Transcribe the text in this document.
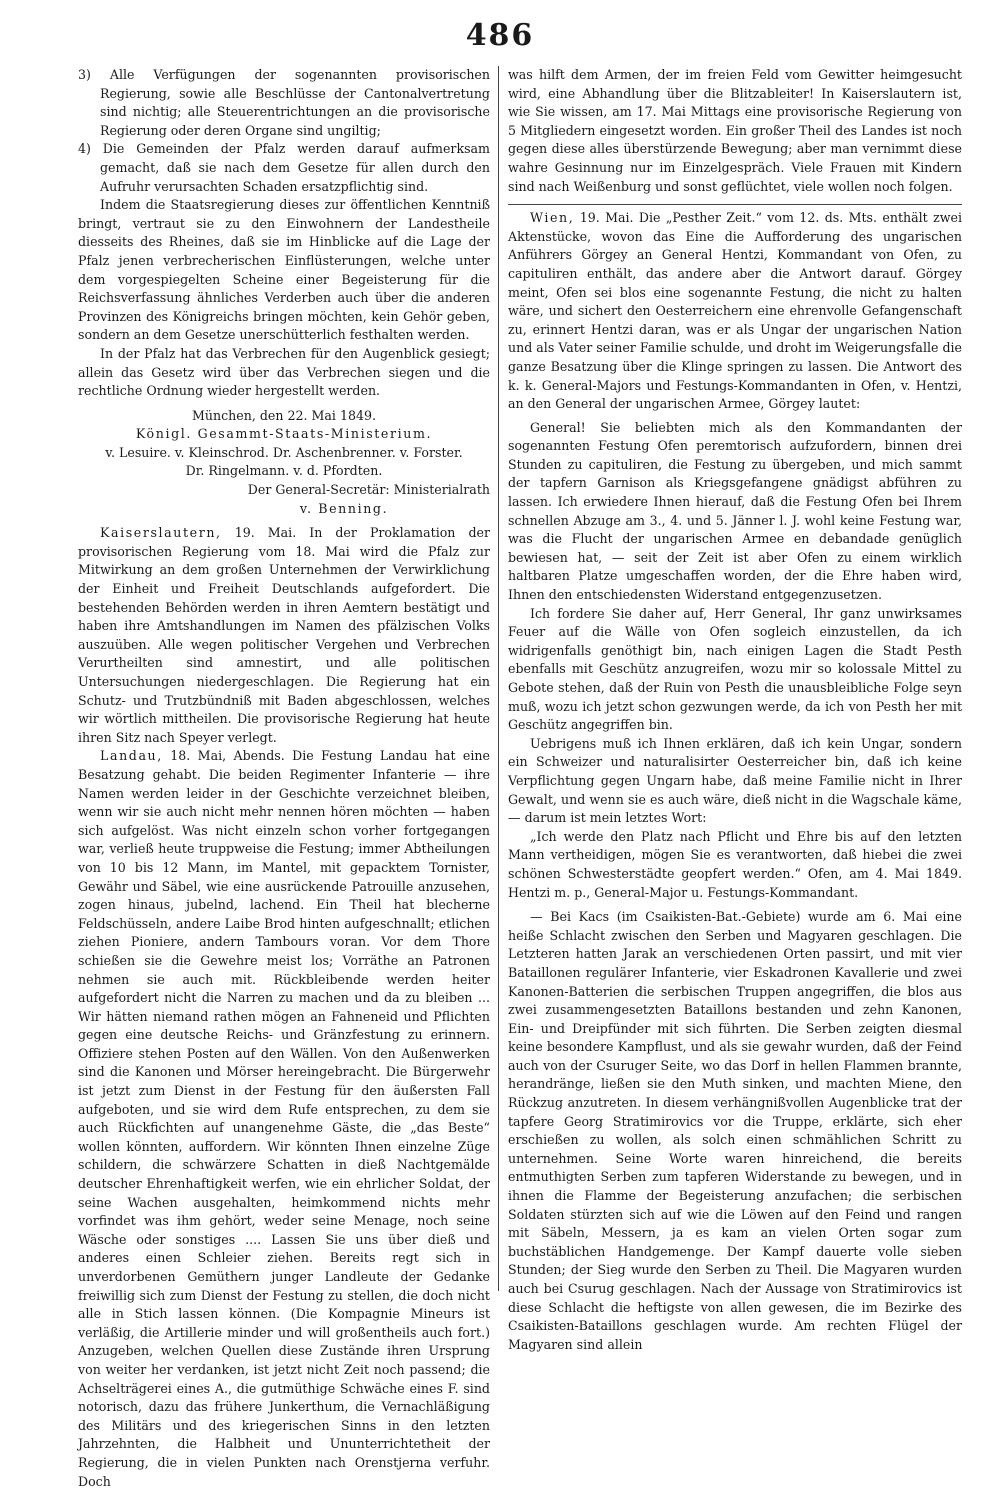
486

3) Alle Verfügungen der sogenannten provisorischen Regierung, sowie alle Beschlüsse der Cantonalvertretung sind nichtig; alle Steuerentrichtungen an die provisorische Regierung oder deren Organe sind ungiltig;

4) Die Gemeinden der Pfalz werden darauf aufmerksam gemacht, daß sie nach dem Gesetze für allen durch den Aufruhr verursachten Schaden ersatzpflichtig sind.

Indem die Staatsregierung dieses zur öffentlichen Kenntniß bringt, vertraut sie zu den Einwohnern der Landestheile diesseits des Rheines, daß sie im Hinblicke auf die Lage der Pfalz jenen verbrecherischen Einflüsterungen, welche unter dem vorgespiegelten Scheine einer Begeisterung für die Reichsverfassung ähnliches Verderben auch über die anderen Provinzen des Königreichs bringen möchten, kein Gehör geben, sondern an dem Gesetze unerschütterlich festhalten werden.

In der Pfalz hat das Verbrechen für den Augenblick gesiegt; allein das Gesetz wird über das Verbrechen siegen und die rechtliche Ordnung wieder hergestellt werden.

München, den 22. Mai 1849.

Königl. Gesammt-Staats-Ministerium.

v. Lesuire. v. Kleinschrod. Dr. Aschenbrenner. v. Forster.

Dr. Ringelmann. v. d. Pfordten.

Der General-Secretär: Ministerialrath

v. Benning.

Kaiserslautern, 19. Mai. In der Proklamation der provisorischen Regierung vom 18. Mai wird die Pfalz zur Mitwirkung an dem großen Unternehmen der Verwirklichung der Einheit und Freiheit Deutschlands aufgefordert. Die bestehenden Behörden werden in ihren Aemtern bestätigt und haben ihre Amtshandlungen im Namen des pfälzischen Volks auszuüben. Alle wegen politischer Vergehen und Verbrechen Verurtheilten sind amnestirt, und alle politischen Untersuchungen niedergeschlagen. Die Regierung hat ein Schutz- und Trutzbündniß mit Baden abgeschlossen, welches wir wörtlich mittheilen. Die provisorische Regierung hat heute ihren Sitz nach Speyer verlegt.

Landau, 18. Mai, Abends. Die Festung Landau hat eine Besatzung gehabt. Die beiden Regimenter Infanterie — ihre Namen werden leider in der Geschichte verzeichnet bleiben, wenn wir sie auch nicht mehr nennen hören möchten — haben sich aufgelöst. Was nicht einzeln schon vorher fortgegangen war, verließ heute truppweise die Festung; immer Abtheilungen von 10 bis 12 Mann, im Mantel, mit gepacktem Tornister, Gewähr und Säbel, wie eine ausrückende Patrouille anzusehen, zogen hinaus, jubelnd, lachend. Ein Theil hat blecherne Feldschüsseln, andere Laibe Brod hinten aufgeschnallt; etlichen ziehen Pioniere, andern Tambours voran. Vor dem Thore schießen sie die Gewehre meist los; Vorräthe an Patronen nehmen sie auch mit. Rückbleibende werden heiter aufgefordert nicht die Narren zu machen und da zu bleiben ... Wir hätten niemand rathen mögen an Fahneneid und Pflichten gegen eine deutsche Reichs- und Gränzfestung zu erinnern. Offiziere stehen Posten auf den Wällen. Von den Außenwerken sind die Kanonen und Mörser hereingebracht. Die Bürgerwehr ist jetzt zum Dienst in der Festung für den äußersten Fall aufgeboten, und sie wird dem Rufe entsprechen, zu dem sie auch Rückfichten auf unangenehme Gäste, die „das Beste“ wollen könnten, auffordern. Wir könnten Ihnen einzelne Züge schildern, die schwärzere Schatten in dieß Nachtgemälde deutscher Ehrenhaftigkeit werfen, wie ein ehrlicher Soldat, der seine Wachen ausgehalten, heimkommend nichts mehr vorfindet was ihm gehört, weder seine Menage, noch seine Wäsche oder sonstiges .... Lassen Sie uns über dieß und anderes einen Schleier ziehen. Bereits regt sich in unverdorbenen Gemüthern junger Landleute der Gedanke freiwillig sich zum Dienst der Festung zu stellen, die doch nicht alle in Stich lassen können. (Die Kompagnie Mineurs ist verläßig, die Artillerie minder und will großentheils auch fort.) Anzugeben, welchen Quellen diese Zustände ihren Ursprung von weiter her verdanken, ist jetzt nicht Zeit noch passend; die Achselträgerei eines A., die gutmüthige Schwäche eines F. sind notorisch, dazu das frühere Junkerthum, die Vernachläßigung des Militärs und des kriegerischen Sinns in den letzten Jahrzehnten, die Halbheit und Ununterrichtetheit der Regierung, die in vielen Punkten nach Orenstjerna verfuhr. Doch

was hilft dem Armen, der im freien Feld vom Gewitter heimgesucht wird, eine Abhandlung über die Blitzableiter! In Kaiserslautern ist, wie Sie wissen, am 17. Mai Mittags eine provisorische Regierung von 5 Mitgliedern eingesetzt worden. Ein großer Theil des Landes ist noch gegen diese alles überstürzende Bewegung; aber man vernimmt diese wahre Gesinnung nur im Einzelgespräch. Viele Frauen mit Kindern sind nach Weißenburg und sonst geflüchtet, viele wollen noch folgen.

Wien, 19. Mai. Die „Pesther Zeit.“ vom 12. ds. Mts. enthält zwei Aktenstücke, wovon das Eine die Aufforderung des ungarischen Anführers Görgey an General Hentzi, Kommandant von Ofen, zu capituliren enthält, das andere aber die Antwort darauf. Görgey meint, Ofen sei blos eine sogenannte Festung, die nicht zu halten wäre, und sichert den Oesterreichern eine ehrenvolle Gefangenschaft zu, erinnert Hentzi daran, was er als Ungar der ungarischen Nation und als Vater seiner Familie schulde, und droht im Weigerungsfalle die ganze Besatzung über die Klinge springen zu lassen. Die Antwort des k. k. General-Majors und Festungs-Kommandanten in Ofen, v. Hentzi, an den General der ungarischen Armee, Görgey lautet:

General! Sie beliebten mich als den Kommandanten der sogenannten Festung Ofen peremtorisch aufzufordern, binnen drei Stunden zu capituliren, die Festung zu übergeben, und mich sammt der tapfern Garnison als Kriegsgefangene gnädigst abführen zu lassen. Ich erwiedere Ihnen hierauf, daß die Festung Ofen bei Ihrem schnellen Abzuge am 3., 4. und 5. Jänner l. J. wohl keine Festung war, was die Flucht der ungarischen Armee en debandade genüglich bewiesen hat, — seit der Zeit ist aber Ofen zu einem wirklich haltbaren Platze umgeschaffen worden, der die Ehre haben wird, Ihnen den entschiedensten Widerstand entgegenzusetzen.

Ich fordere Sie daher auf, Herr General, Ihr ganz unwirksames Feuer auf die Wälle von Ofen sogleich einzustellen, da ich widrigenfalls genöthigt bin, nach einigen Lagen die Stadt Pesth ebenfalls mit Geschütz anzugreifen, wozu mir so kolossale Mittel zu Gebote stehen, daß der Ruin von Pesth die unausbleibliche Folge seyn muß, wozu ich jetzt schon gezwungen werde, da ich von Pesth her mit Geschütz angegriffen bin.

Uebrigens muß ich Ihnen erklären, daß ich kein Ungar, sondern ein Schweizer und naturalisirter Oesterreicher bin, daß ich keine Verpflichtung gegen Ungarn habe, daß meine Familie nicht in Ihrer Gewalt, und wenn sie es auch wäre, dieß nicht in die Wagschale käme, — darum ist mein letztes Wort:

„Ich werde den Platz nach Pflicht und Ehre bis auf den letzten Mann vertheidigen, mögen Sie es verantworten, daß hiebei die zwei schönen Schwesterstädte geopfert werden.“ Ofen, am 4. Mai 1849. Hentzi m. p., General-Major u. Festungs-Kommandant.

— Bei Kacs (im Csaikisten-Bat.-Gebiete) wurde am 6. Mai eine heiße Schlacht zwischen den Serben und Magyaren geschlagen. Die Letzteren hatten Jarak an verschiedenen Orten passirt, und mit vier Bataillonen regulärer Infanterie, vier Eskadronen Kavallerie und zwei Kanonen-Batterien die serbischen Truppen angegriffen, die blos aus zwei zusammengesetzten Bataillons bestanden und zehn Kanonen, Ein- und Dreipfünder mit sich führten. Die Serben zeigten diesmal keine besondere Kampflust, und als sie gewahr wurden, daß der Feind auch von der Csuruger Seite, wo das Dorf in hellen Flammen brannte, herandränge, ließen sie den Muth sinken, und machten Miene, den Rückzug anzutreten. In diesem verhängnißvollen Augenblicke trat der tapfere Georg Stratimirovics vor die Truppe, erklärte, sich eher erschießen zu wollen, als solch einen schmählichen Schritt zu unternehmen. Seine Worte waren hinreichend, die bereits entmuthigten Serben zum tapferen Widerstande zu bewegen, und in ihnen die Flamme der Begeisterung anzufachen; die serbischen Soldaten stürzten sich auf wie die Löwen auf den Feind und rangen mit Säbeln, Messern, ja es kam an vielen Orten sogar zum buchstäblichen Handgemenge. Der Kampf dauerte volle sieben Stunden; der Sieg wurde den Serben zu Theil. Die Magyaren wurden auch bei Csurug geschlagen. Nach der Aussage von Stratimirovics ist diese Schlacht die heftigste von allen gewesen, die im Bezirke des Csaikisten-Bataillons geschlagen wurde. Am rechten Flügel der Magyaren sind allein
